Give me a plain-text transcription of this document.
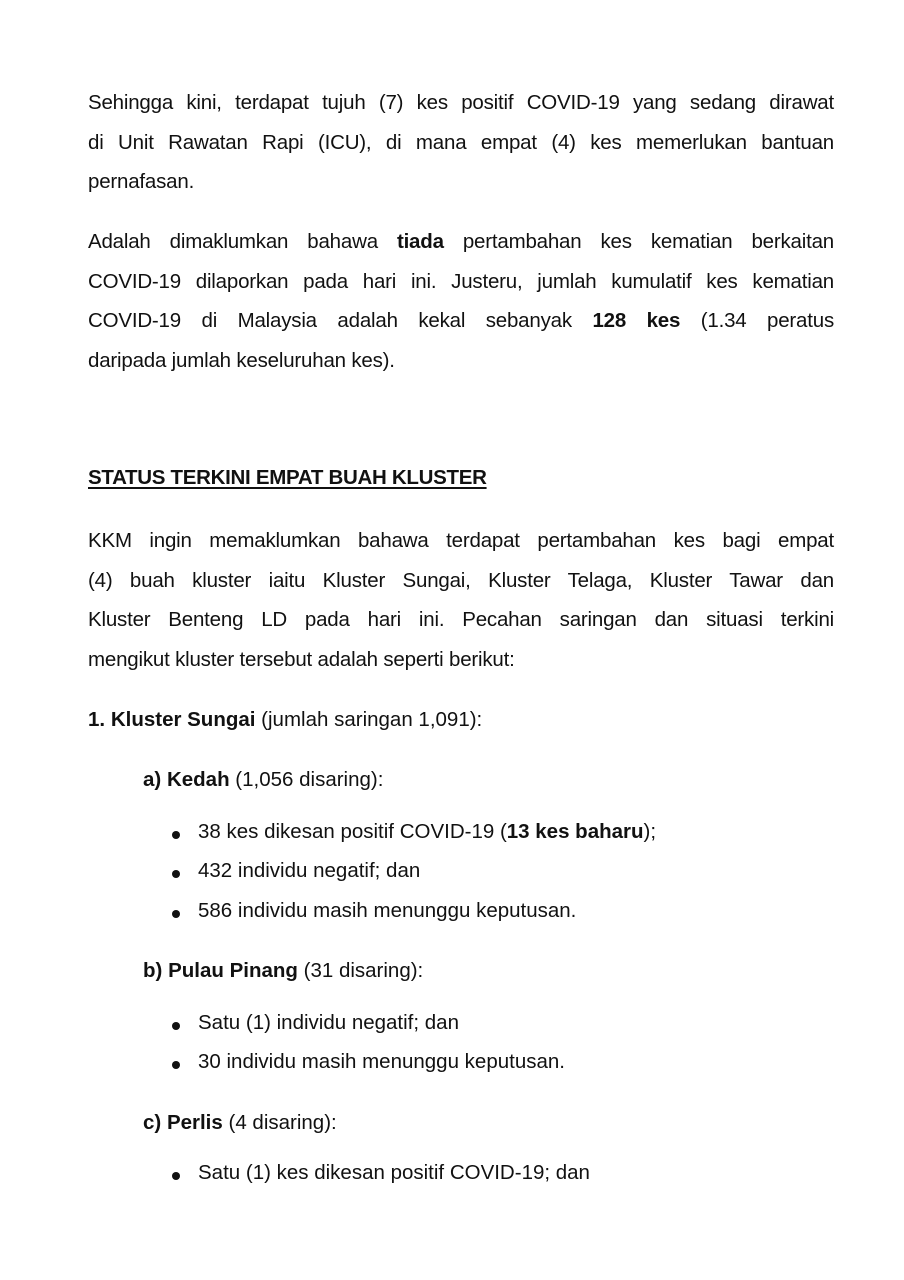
Sehingga kini, terdapat tujuh (7) kes positif COVID-19 yang sedang dirawat
di Unit Rawatan Rapi (ICU), di mana empat (4) kes memerlukan bantuan
pernafasan.
Adalah dimaklumkan bahawa tiada pertambahan kes kematian berkaitan
COVID-19 dilaporkan pada hari ini. Justeru, jumlah kumulatif kes kematian
COVID-19 di Malaysia adalah kekal sebanyak 128 kes (1.34 peratus
daripada jumlah keseluruhan kes).
STATUS TERKINI EMPAT BUAH KLUSTER
KKM ingin memaklumkan bahawa terdapat pertambahan kes bagi empat
(4) buah kluster iaitu Kluster Sungai, Kluster Telaga, Kluster Tawar dan
Kluster Benteng LD pada hari ini. Pecahan saringan dan situasi terkini
mengikut kluster tersebut adalah seperti berikut:
1. Kluster Sungai (jumlah saringan 1,091):
a) Kedah (1,056 disaring):
38 kes dikesan positif COVID-19 (13 kes baharu);
432 individu negatif; dan
586 individu masih menunggu keputusan.
b) Pulau Pinang (31 disaring):
Satu (1) individu negatif; dan
30 individu masih menunggu keputusan.
c) Perlis (4 disaring):
Satu (1) kes dikesan positif COVID-19; dan
